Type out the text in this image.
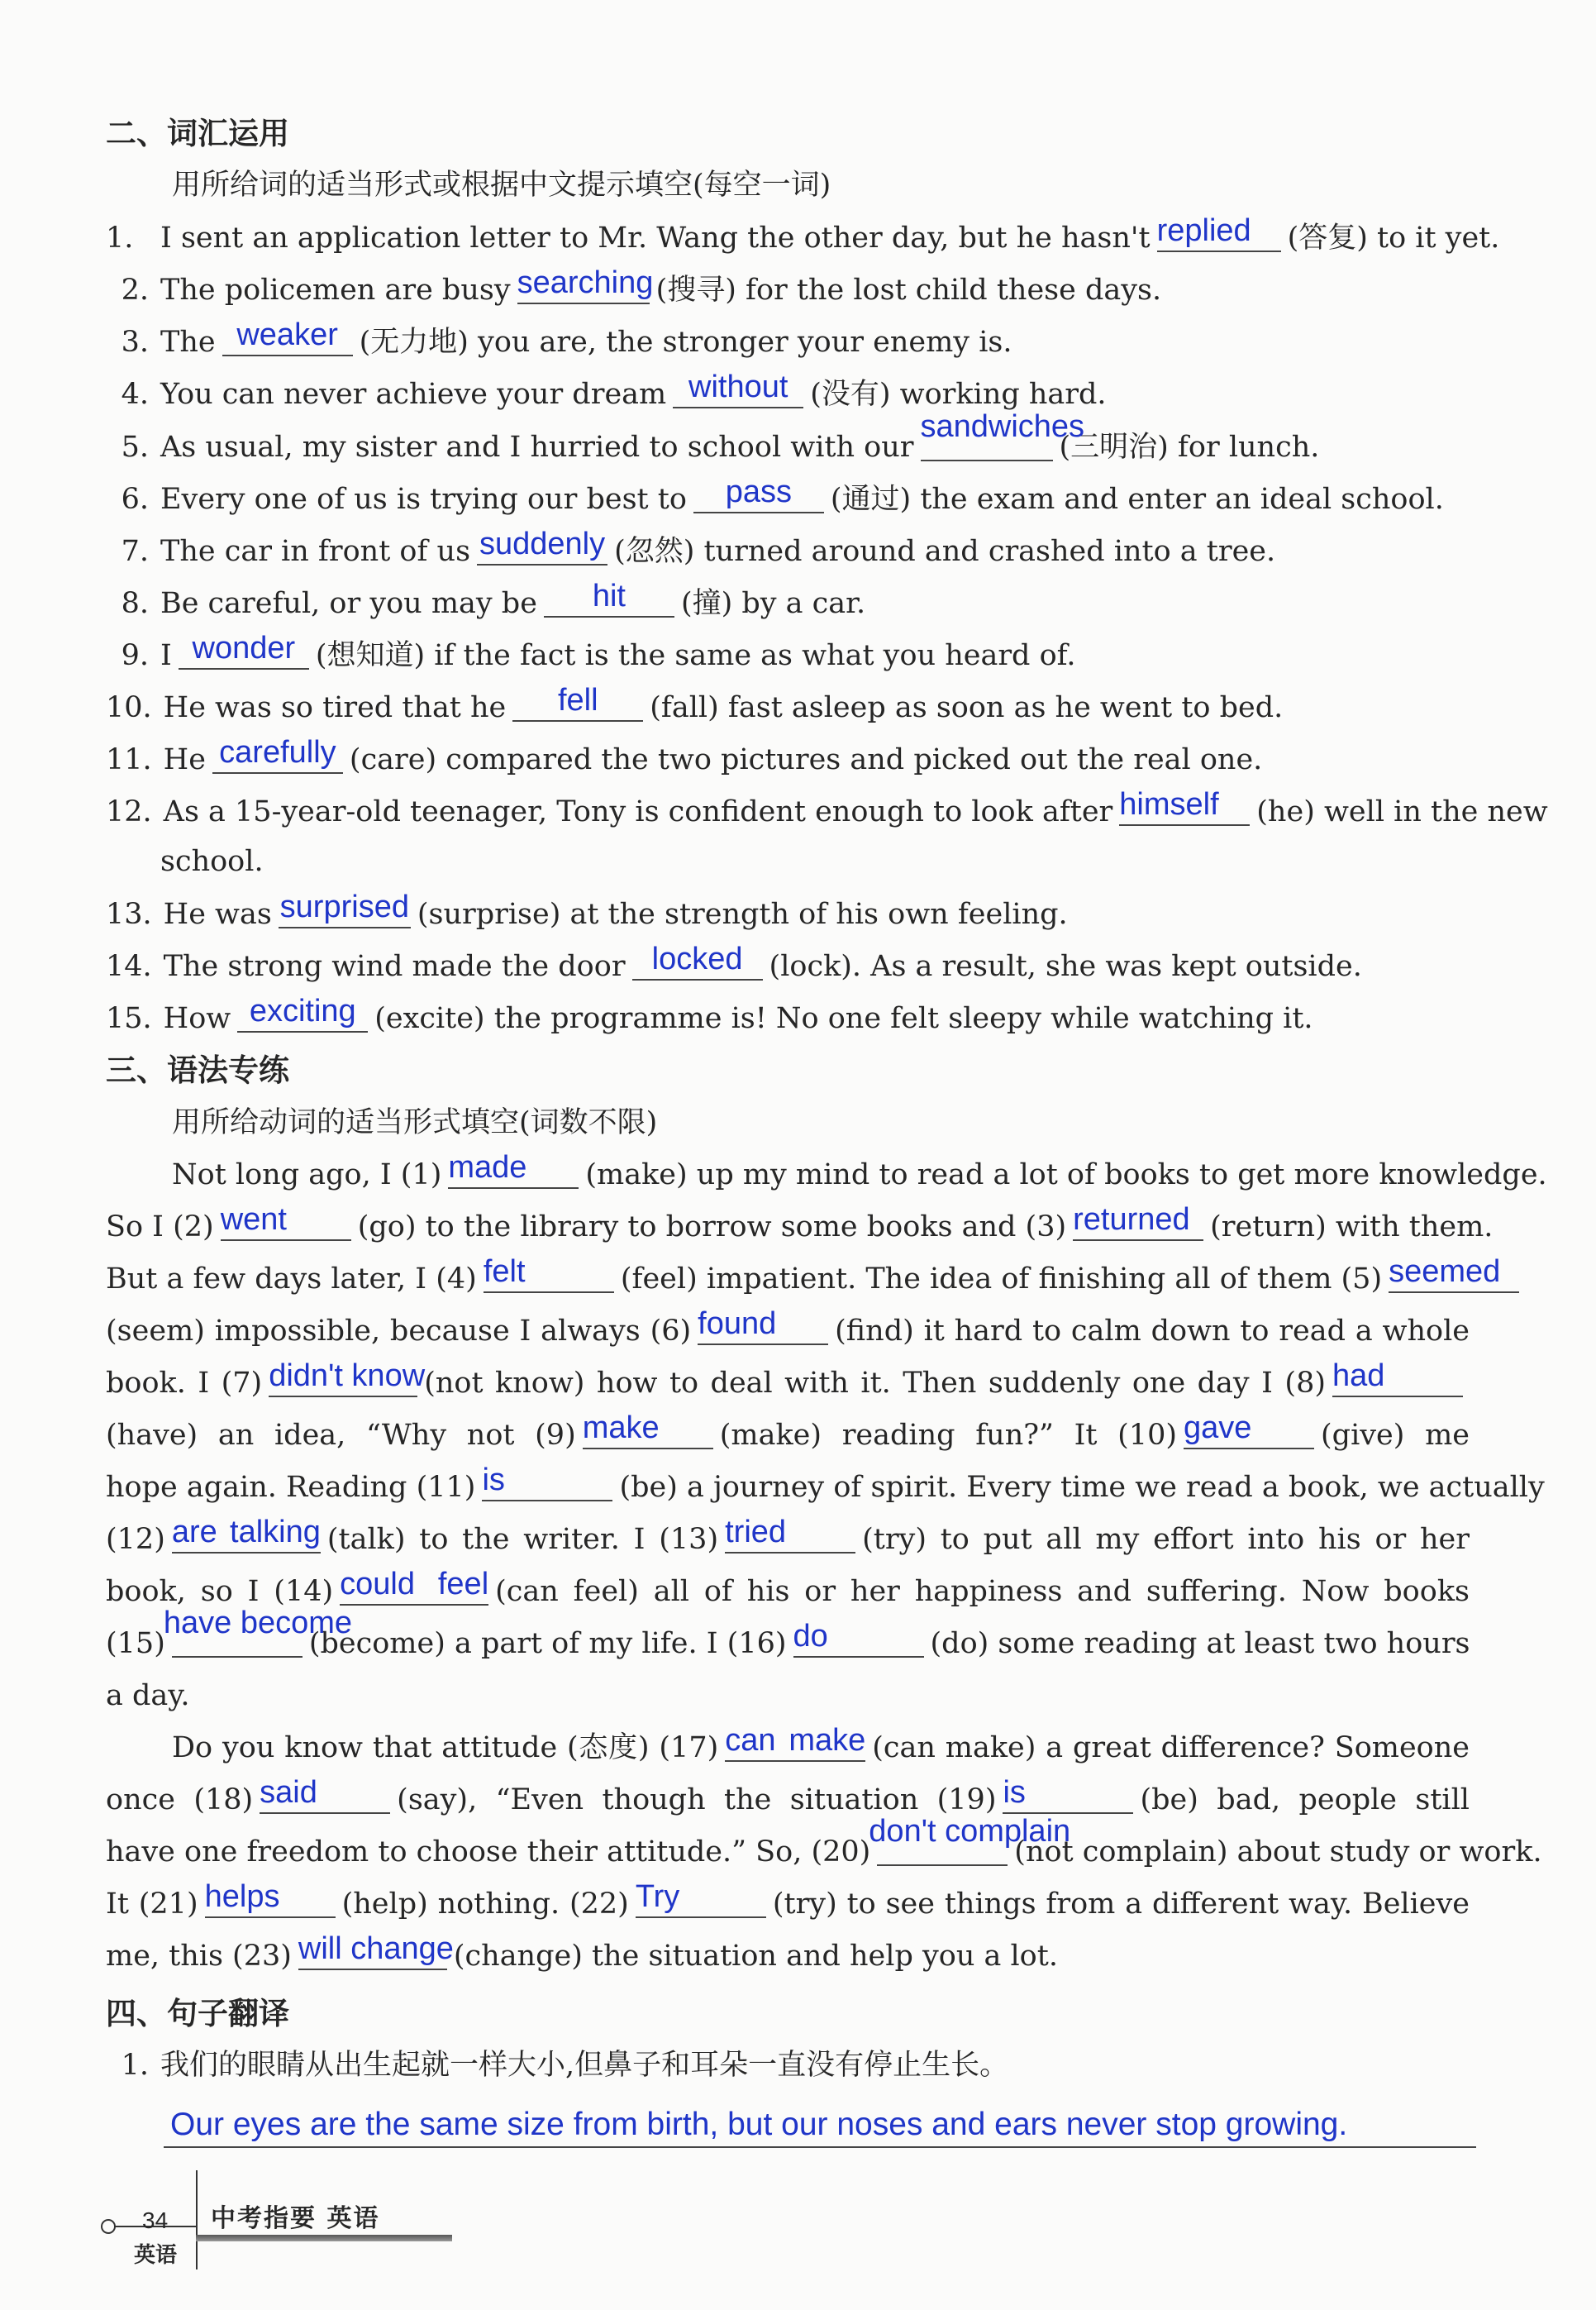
二、词汇运用
用所给词的适当形式或根据中文提示填空(每空一词)
1. I sent an application letter to Mr. Wang the other day, but he hasn't replied	(答复) to it yet.
2. The policemen are busy searching (搜寻) for the lost child these days.
3. The weaker (无力地) you are, the stronger your enemy is.
4. You can never achieve your dream without (没有) working hard.
5. As usual, my sister and I hurried to school with our
sandwiches
(三明治) for lunch.
6. Every one of us is trying our best to	pass	(通过) the exam and enter an ideal school.
7. The car in front of us suddenly (忽然) turned around and crashed into a tree.
8. Be careful, or you may be	hit	(撞) by a car.
9. I wonder (想知道) if the fact is the same as what you heard of.
10. He was so tired that he	fell	(fall) fast asleep as soon as he went to bed.
11. He carefully (care) compared the two pictures and picked out the real one.
12. As a 15-year-old teenager, Tony is confident enough to look after himself	(he) well in the new
school.
13. He was surprised (surprise) at the strength of his own feeling.
14. The strong wind made the door locked (lock). As a result, she was kept outside.
15. How exciting (excite) the programme is! No one felt sleepy while watching it.
三、语法专练
用所给动词的适当形式填空(词数不限)
Not long ago, I (1) made	(make) up my mind to read a lot of books to get more knowledge.
So I (2) went	(go) to the library to borrow some books and (3) returned (return) with them.
But a few days later, I (4) felt	(feel) impatient. The idea of finishing all of them (5) seemed
(seem) impossible, because I always (6) found	(find) it hard to calm down to read a whole
book. I (7) didn't know (not know) how to deal with it. Then suddenly one day I (8) had
(have) an idea, “Why not (9) make	(make) reading fun?” It (10) gave	(give) me
hope again. Reading (11) is	(be) a journey of spirit. Every time we read a book, we actually
(12) are talking (talk) to the writer. I (13) tried	(try) to put all my effort into his or her
book, so I (14) could feel (can feel) all of his or her happiness and suffering. Now books
(15)
have become
(become) a part of my life. I (16) do	(do) some reading at least two hours
a day.
Do you know that attitude (态度) (17) can make (can make) a great difference? Someone
once (18) said	(say), “Even though the situation (19) is	(be) bad, people still
have one freedom to choose their attitude.” So, (20)
don't complain
(not complain) about study or work.
It (21) helps	(help) nothing. (22) Try	(try) to see things from a different way. Believe
me, this (23) will change (change) the situation and help you a lot.
四、句子翻译
1. 我们的眼睛从出生起就一样大小,但鼻子和耳朵一直没有停止生长。
Our eyes are the same size from birth, but our noses and ears never stop growing.
34
英语
中考指要 英语
